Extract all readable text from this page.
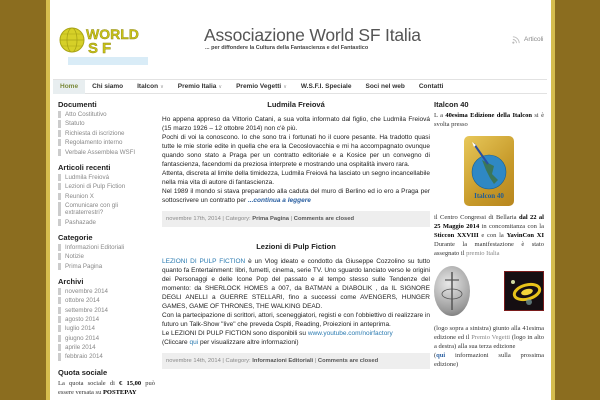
WORLD
SF
Associazione World SF Italia
... per diffondere la Cultura della Fantascienza e del Fantastico
Articoli
Home Chi siamo Italcon ∨ Premio Italia ∨ Premio Vegetti ∨ W.S.F.I. Speciale Soci nel web Contatti
Documenti
Atto Costitutivo
Statuto
Richiesta di iscrizione
Regolamento interno
Verbale Assemblea WSFI
Articoli recenti
Ludmila Freiová
Lezioni di Pulp Fiction
Reunion X
Comunicare con gli extraterrestri?
Pashazade
Categorie
Informazioni Editoriali
Notizie
Prima Pagina
Archivi
novembre 2014
ottobre 2014
settembre 2014
agosto 2014
luglio 2014
giugno 2014
aprile 2014
febbraio 2014
Quota sociale
La quota sociale di € 15,00 può essere versata su POSTEPAY
Ludmila Freiová

Ho appena appreso da Vittorio Catani, a sua volta informato dal figlio, che Ludmila Freiová (15 marzo 1926 – 12 ottobre 2014) non c'è più.

Pochi di voi la conoscono. Io che sono tra i fortunati ho il cuore pesante. Ha tradotto quasi tutte le mie storie edite in quella che era la Cecoslovacchia e mi ha accompagnato ovunque quando sono stato a Praga per un contratto editoriale e a Kosice per un convegno di fantascienza, facendomi da preziosa interprete e mostrando una ospitalità invero rara.

Attenta, discreta al limite della timidezza, Ludmila Freiová ha lasciato un segno incancellabile nella mia vita di autore di fantascienza.

Nel 1989 il mondo si stava preparando alla caduta del muro di Berlino ed io ero a Praga per sottoscrivere un contratto per ...continua a leggere

novembre 17th, 2014 | Category: Prima Pagina | Comments are closed
Lezioni di Pulp Fiction

LEZIONI DI PULP FICTION è un Vlog ideato e condotto da Giuseppe Cozzolino su tutto quanto fa Entertainment: libri, fumetti, cinema, serie TV. Uno sguardo lanciato verso le origini dei Personaggi e delle Icone Pop del passato e al tempo stesso sulle Tendenze del momento: da SHERLOCK HOMES a 007, da BATMAN a DIABOLIK , da IL SIGNORE DEGLI ANELLI a GUERRE STELLARI, fino a successi come AVENGERS, HUNGER GAMES, GAME OF THRONES, THE WALKING DEAD.

Con la partecipazione di scrittori, attori, sceneggiatori, registi e con l'obbiettivo di realizzare in futuro un Talk-Show "live" che preveda Ospiti, Reading, Proiezioni in anteprima.

Le LEZIONI DI PULP FICTION sono disponibili su www.youtube.com/noirfactory

(Cliccare qui per visualizzare altre informazioni)

novembre 14th, 2014 | Category: Informazioni Editoriali | Comments are closed
Italcon 40
L a 40esima Edizione della Italcon si è svolta presso
Italcon 40
il Centro Congressi di Bellaria dal 22 al 25 Maggio 2014 in concomitanza con la Sticcon XXVIII e con la YavinCon XI Durante la manifestazione è stato assegnato il premio Italia
(logo sopra a sinistra) giunto alla 41esima edizione ed il Premio Vegetti (logo in alto a destra) alla sua terza edizione
(qui informazioni sulla prossima edizione)
